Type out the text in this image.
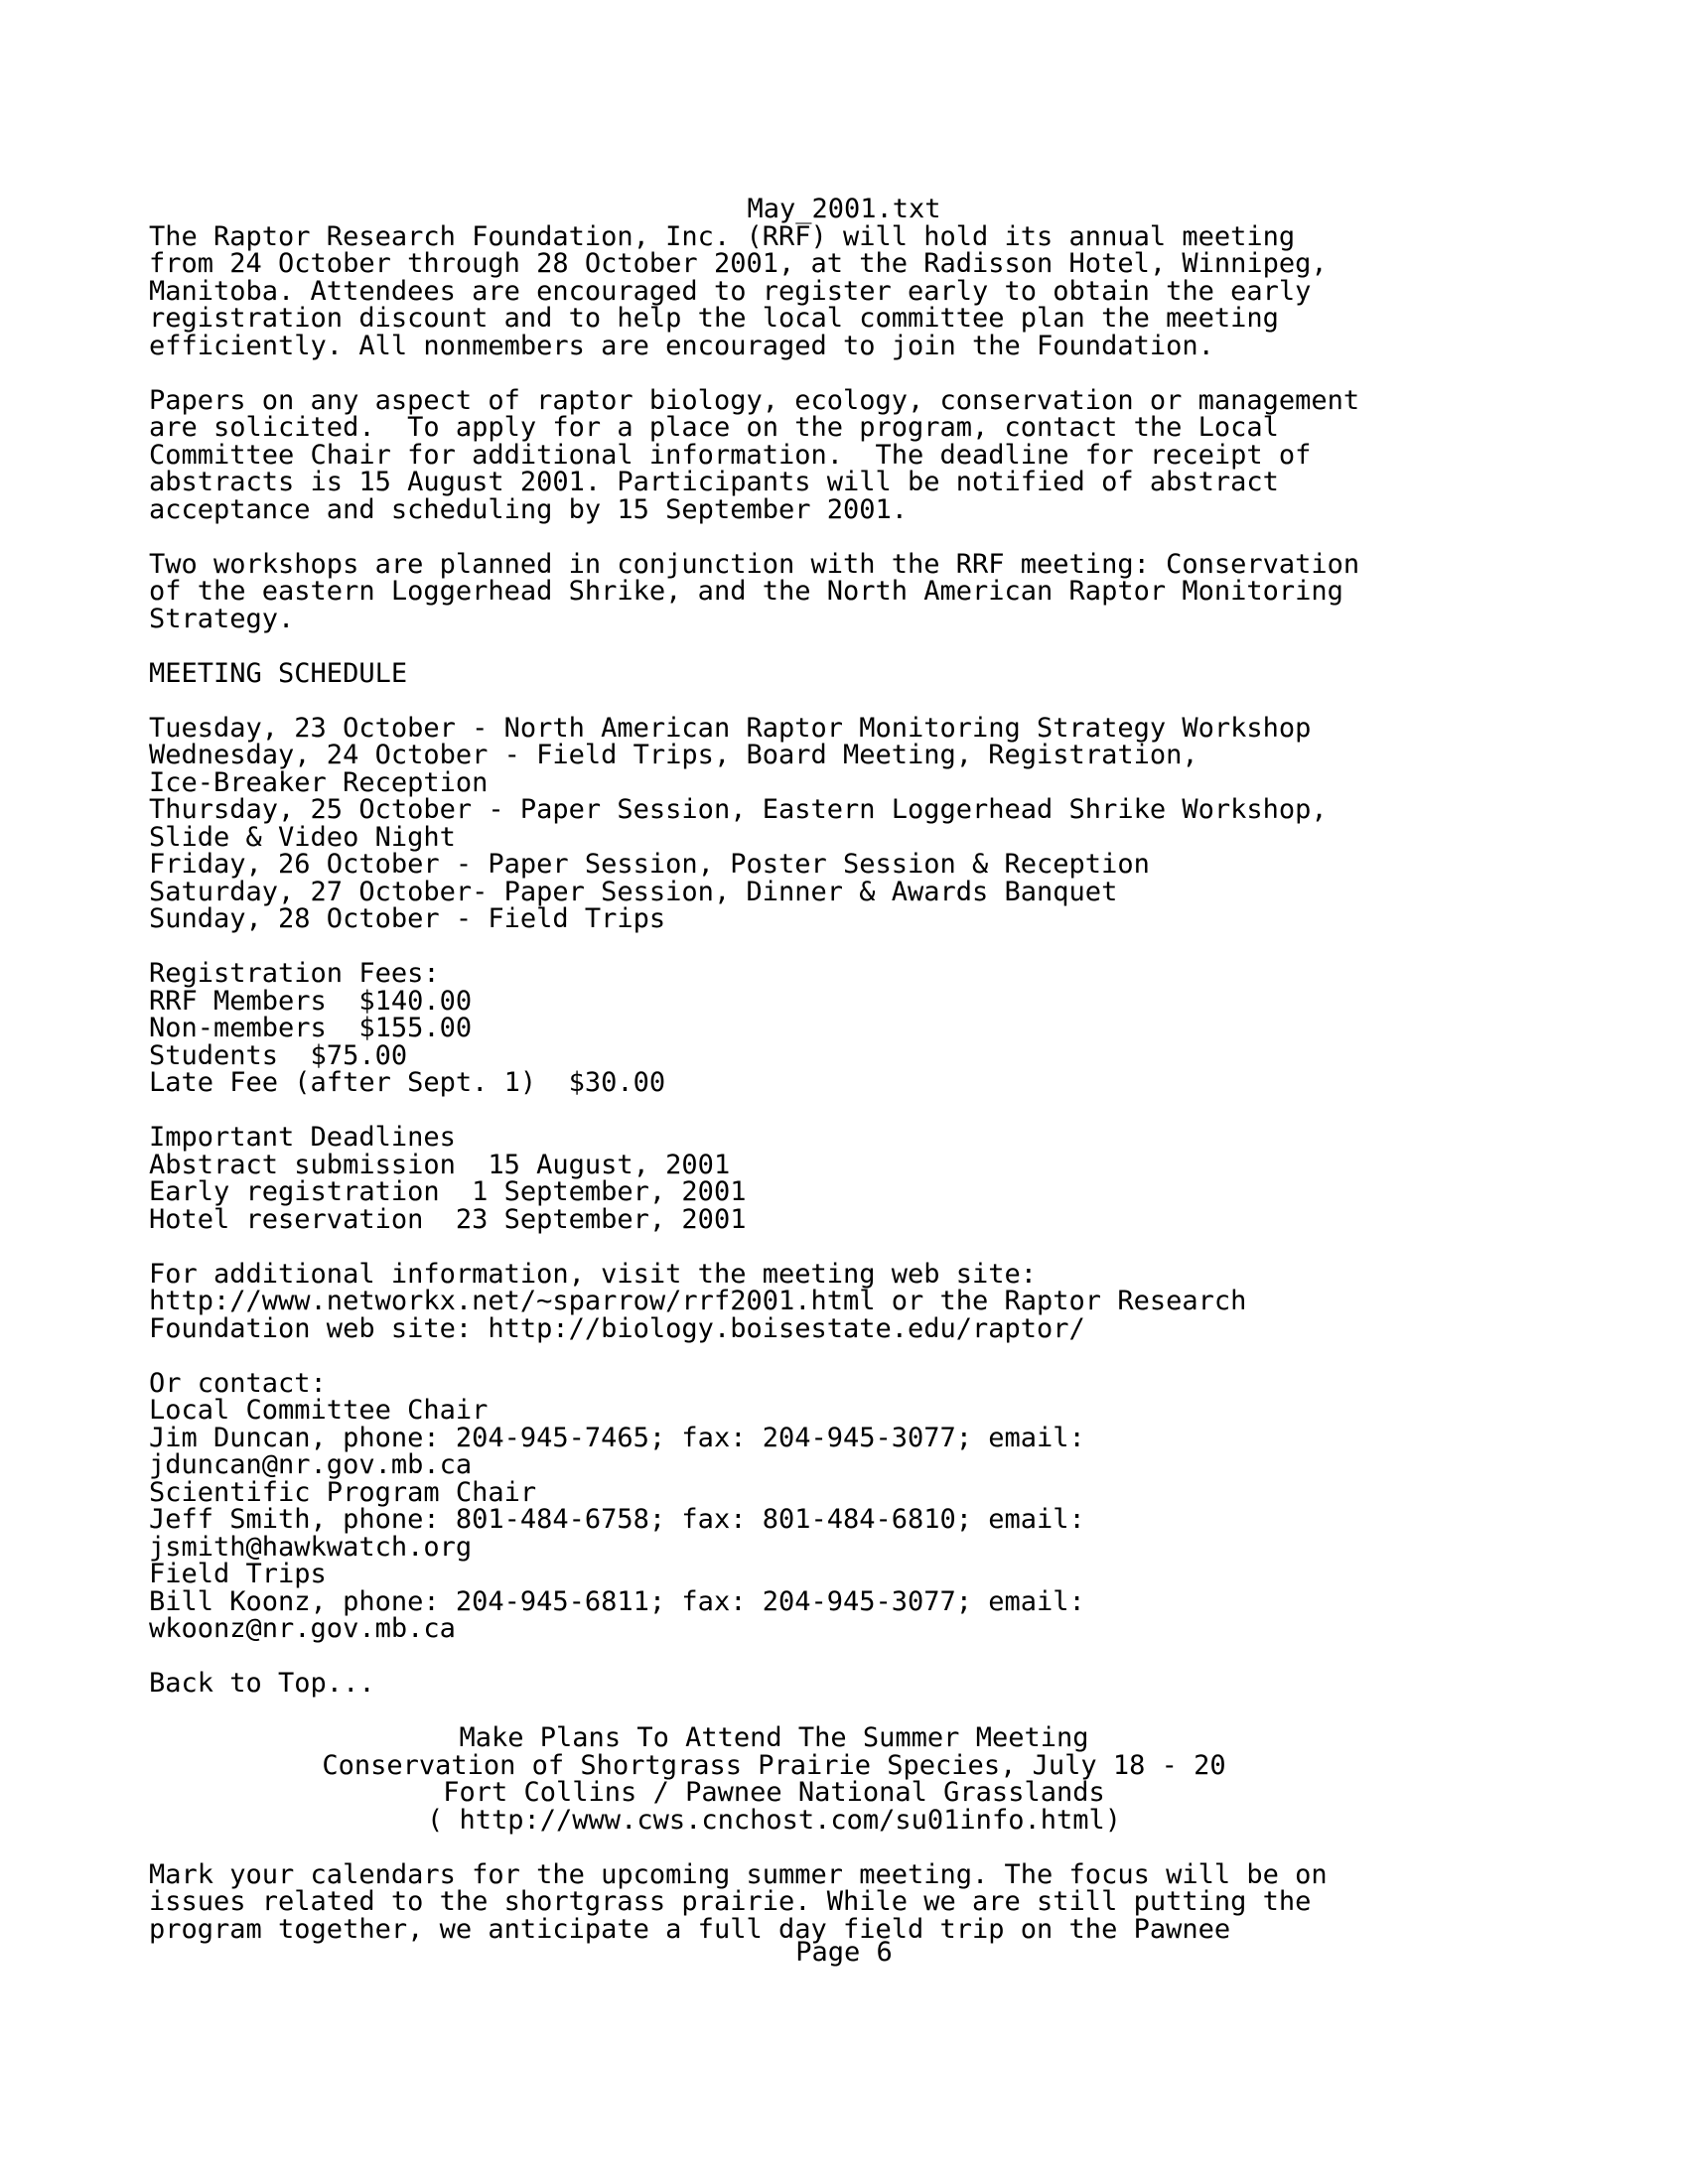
May_2001.txt
The Raptor Research Foundation, Inc. (RRF) will hold its annual meeting
from 24 October through 28 October 2001, at the Radisson Hotel, Winnipeg,
Manitoba. Attendees are encouraged to register early to obtain the early
registration discount and to help the local committee plan the meeting
efficiently. All nonmembers are encouraged to join the Foundation.
Papers on any aspect of raptor biology, ecology, conservation or management
are solicited.  To apply for a place on the program, contact the Local
Committee Chair for additional information.  The deadline for receipt of
abstracts is 15 August 2001. Participants will be notified of abstract
acceptance and scheduling by 15 September 2001.
Two workshops are planned in conjunction with the RRF meeting: Conservation
of the eastern Loggerhead Shrike, and the North American Raptor Monitoring
Strategy.
MEETING SCHEDULE
Tuesday, 23 October - North American Raptor Monitoring Strategy Workshop
Wednesday, 24 October - Field Trips, Board Meeting, Registration,
Ice-Breaker Reception
Thursday, 25 October - Paper Session, Eastern Loggerhead Shrike Workshop,
Slide & Video Night
Friday, 26 October - Paper Session, Poster Session & Reception
Saturday, 27 October- Paper Session, Dinner & Awards Banquet
Sunday, 28 October - Field Trips
Registration Fees:
RRF Members  $140.00
Non-members  $155.00
Students  $75.00
Late Fee (after Sept. 1)  $30.00
Important Deadlines
Abstract submission  15 August, 2001
Early registration  1 September, 2001
Hotel reservation  23 September, 2001
For additional information, visit the meeting web site:
http://www.networkx.net/~sparrow/rrf2001.html or the Raptor Research
Foundation web site: http://biology.boisestate.edu/raptor/
Or contact:
Local Committee Chair
Jim Duncan, phone: 204-945-7465; fax: 204-945-3077; email:
jduncan@nr.gov.mb.ca
Scientific Program Chair
Jeff Smith, phone: 801-484-6758; fax: 801-484-6810; email:
jsmith@hawkwatch.org
Field Trips
Bill Koonz, phone: 204-945-6811; fax: 204-945-3077; email:
wkoonz@nr.gov.mb.ca
Back to Top...
Make Plans To Attend The Summer Meeting
Conservation of Shortgrass Prairie Species, July 18 - 20
Fort Collins / Pawnee National Grasslands
( http://www.cws.cnchost.com/su01info.html)
Mark your calendars for the upcoming summer meeting. The focus will be on
issues related to the shortgrass prairie. While we are still putting the
program together, we anticipate a full day field trip on the Pawnee
Page 6
